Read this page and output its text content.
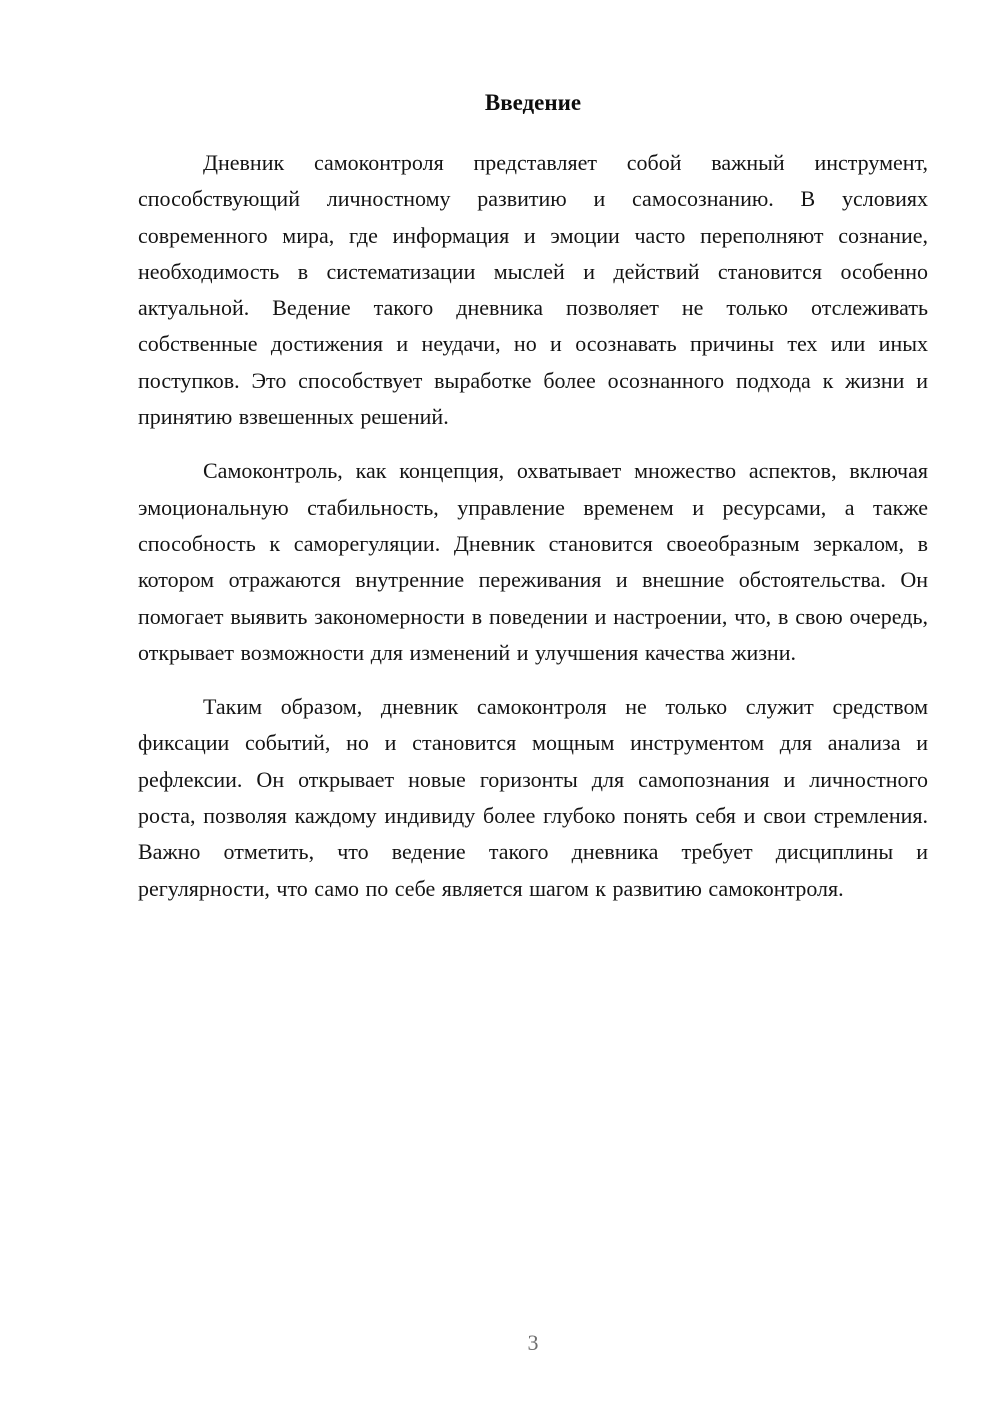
Введение

Дневник самоконтроля представляет собой важный инструмент, способствующий личностному развитию и самосознанию. В условиях современного мира, где информация и эмоции часто переполняют сознание, необходимость в систематизации мыслей и действий становится особенно актуальной. Ведение такого дневника позволяет не только отслеживать собственные достижения и неудачи, но и осознавать причины тех или иных поступков. Это способствует выработке более осознанного подхода к жизни и принятию взвешенных решений.

Самоконтроль, как концепция, охватывает множество аспектов, включая эмоциональную стабильность, управление временем и ресурсами, а также способность к саморегуляции. Дневник становится своеобразным зеркалом, в котором отражаются внутренние переживания и внешние обстоятельства. Он помогает выявить закономерности в поведении и настроении, что, в свою очередь, открывает возможности для изменений и улучшения качества жизни.

Таким образом, дневник самоконтроля не только служит средством фиксации событий, но и становится мощным инструментом для анализа и рефлексии. Он открывает новые горизонты для самопознания и личностного роста, позволяя каждому индивиду более глубоко понять себя и свои стремления. Важно отметить, что ведение такого дневника требует дисциплины и регулярности, что само по себе является шагом к развитию самоконтроля.

3
